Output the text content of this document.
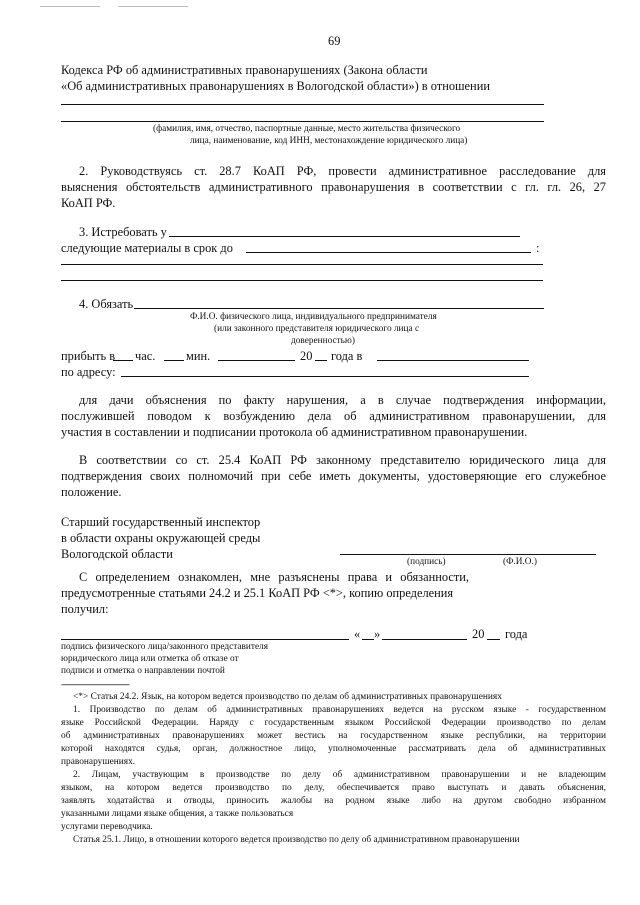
69
Кодекса РФ об административных правонарушениях (Закона области
«Об административных правонарушениях в Вологодской области») в отношении
(фамилия, имя, отчество, паспортные данные, место жительства физического
лица, наименование, код ИНН, местонахождение юридического лица)
2. Руководствуясь ст. 28.7 КоАП РФ, провести административное расследование для
выяснения обстоятельств административного правонарушения в соответствии с гл. гл. 26, 27
КоАП РФ.
3. Истребовать у
следующие материалы в срок до	:
4. Обязать
Ф.И.О. физического лица, индивидуального предпринимателя
(или законного представителя юридического лица с
доверенностью)
прибыть в час. мин.	20 года в
по адресу:
для дачи объяснения по факту нарушения, а в случае подтверждения информации,
послужившей поводом к возбуждению дела об административном правонарушении, для
участия в составлении и подписании протокола об административном правонарушении.
В соответствии со ст. 25.4 КоАП РФ законному представителю юридического лица для
подтверждения своих полномочий при себе иметь документы, удостоверяющие его служебное
положение.
Старший государственный инспектор
в области охраны окружающей среды
Вологодской области
(подпись)	(Ф.И.О.)
С определением ознакомлен, мне разъяснены права и обязанности,
предусмотренные статьями 24.2 и 25.1 КоАП РФ <*>, копию определения
получил:
« »	20 года
подпись физического лица/законного представителя
юридического лица или отметка об отказе от
подписи и отметка о направлении почтой
--------------------------------
<*> Статья 24.2. Язык, на котором ведется производство по делам об административных правонарушениях
1. Производство по делам об административных правонарушениях ведется на русском языке - государственном
языке Российской Федерации. Наряду с государственным языком Российской Федерации производство по делам
об административных правонарушениях может вестись на государственном языке республики, на территории
которой находятся судья, орган, должностное лицо, уполномоченные рассматривать дела об административных
правонарушениях.
2. Лицам, участвующим в производстве по делу об административном правонарушении и не владеющим
языком, на котором ведется производство по делу, обеспечивается право выступать и давать объяснения,
заявлять ходатайства и отводы, приносить жалобы на родном языке либо на другом свободно избранном
указанными лицами языке общения, а также пользоваться
услугами переводчика.
Статья 25.1. Лицо, в отношении которого ведется производство по делу об административном правонарушении
